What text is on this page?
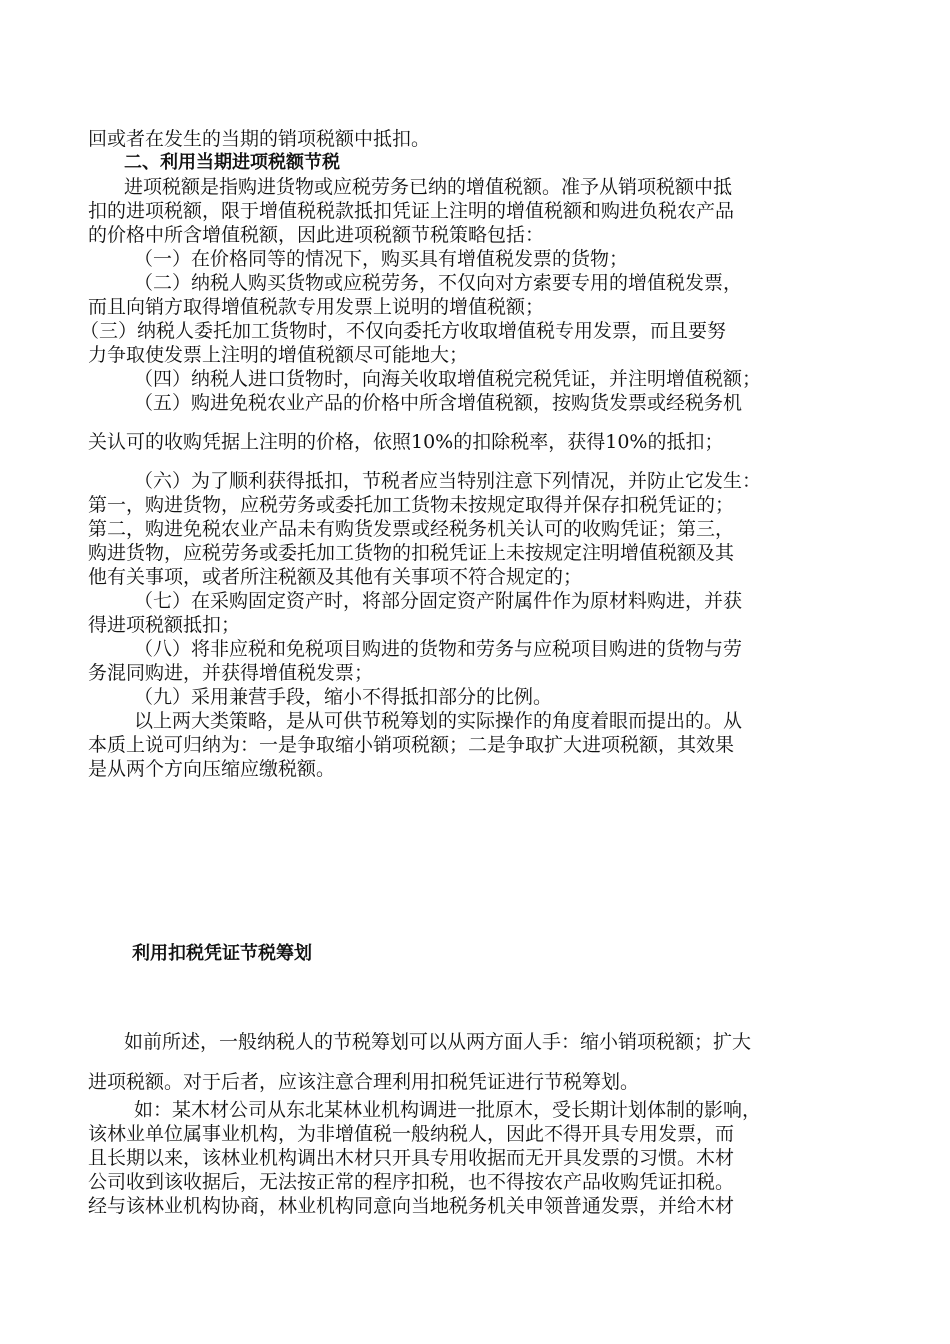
回或者在发生的当期的销项税额中抵扣。
二、利用当期进项税额节税
进项税额是指购进货物或应税劳务已纳的增值税额。准予从销项税额中抵
扣的进项税额，限于增值税税款抵扣凭证上注明的增值税额和购进负税农产品
的价格中所含增值税额，因此进项税额节税策略包括：
（一）在价格同等的情况下，购买具有增值税发票的货物；
（二）纳税人购买货物或应税劳务，不仅向对方索要专用的增值税发票，
而且向销方取得增值税款专用发票上说明的增值税额；
（三）纳税人委托加工货物时，不仅向委托方收取增值税专用发票，而且要努
力争取使发票上注明的增值税额尽可能地大；
（四）纳税人进口货物时，向海关收取增值税完税凭证，并注明增值税额；
（五）购进免税农业产品的价格中所含增值税额，按购货发票或经税务机
关认可的收购凭据上注明的价格，依照10%的扣除税率，获得10%的抵扣；
（六）为了顺利获得抵扣，节税者应当特别注意下列情况，并防止它发生：
第一，购进货物，应税劳务或委托加工货物未按规定取得并保存扣税凭证的；
第二，购进免税农业产品未有购货发票或经税务机关认可的收购凭证；第三，
购进货物，应税劳务或委托加工货物的扣税凭证上未按规定注明增值税额及其
他有关事项，或者所注税额及其他有关事项不符合规定的；
（七）在采购固定资产时，将部分固定资产附属件作为原材料购进，并获
得进项税额抵扣；
（八）将非应税和免税项目购进的货物和劳务与应税项目购进的货物与劳
务混同购进，并获得增值税发票；
（九）采用兼营手段，缩小不得抵扣部分的比例。
以上两大类策略，是从可供节税筹划的实际操作的角度着眼而提出的。从
本质上说可归纳为：一是争取缩小销项税额；二是争取扩大进项税额，其效果
是从两个方向压缩应缴税额。
利用扣税凭证节税筹划
如前所述，一般纳税人的节税筹划可以从两方面人手：缩小销项税额；扩大
进项税额。对于后者，应该注意合理利用扣税凭证进行节税筹划。
如：某木材公司从东北某林业机构调进一批原木，受长期计划体制的影响，
该林业单位属事业机构，为非增值税一般纳税人，因此不得开具专用发票，而
且长期以来，该林业机构调出木材只开具专用收据而无开具发票的习惯。木材
公司收到该收据后，无法按正常的程序扣税，也不得按农产品收购凭证扣税。
经与该林业机构协商，林业机构同意向当地税务机关申领普通发票，并给木材
